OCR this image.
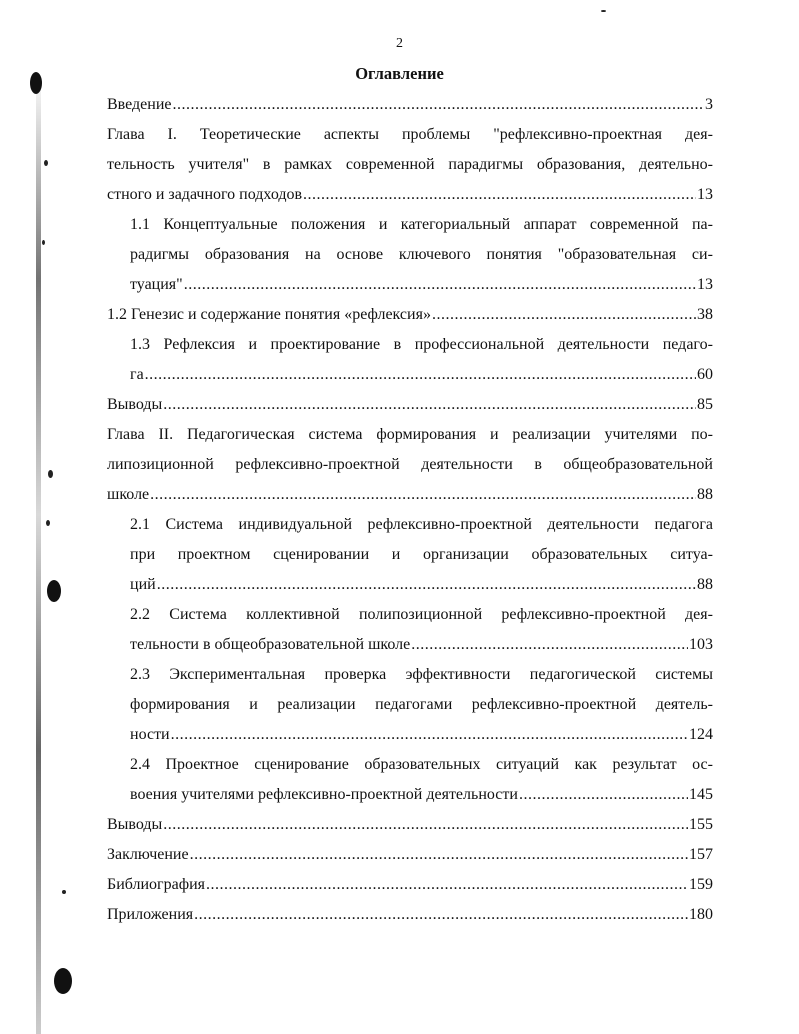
2
Оглавление
Введение .....	3
Глава I. Теоретические аспекты проблемы "рефлексивно-проектная дея-
тельность учителя" в рамках современной парадигмы образования, деятельно-
стного и задачного подходов .....	13
1.1 Концептуальные положения и категориальный аппарат современной па-
радигмы образования на основе ключевого понятия "образовательная си-
туация" .....	13
1.2 Генезис и содержание понятия «рефлексия» .....	38
1.3 Рефлексия и проектирование в профессиональной деятельности педаго-
га .....	60
Выводы .....	85
Глава II. Педагогическая система формирования и реализации учителями по-
липозиционной рефлексивно-проектной деятельности в общеобразовательной
школе .....	88
2.1 Система индивидуальной рефлексивно-проектной деятельности педагога
при проектном сценировании и организации образовательных ситуа-
ций .....	88
2.2 Система коллективной полипозиционной рефлексивно-проектной дея-
тельности в общеобразовательной школе .....	103
2.3 Экспериментальная проверка эффективности педагогической системы
формирования и реализации педагогами рефлексивно-проектной деятель-
ности .....	124
2.4 Проектное сценирование образовательных ситуаций как результат ос-
воения учителями рефлексивно-проектной деятельности .....	145
Выводы .....	155
Заключение .....	157
Библиография .....	159
Приложения .....	180
